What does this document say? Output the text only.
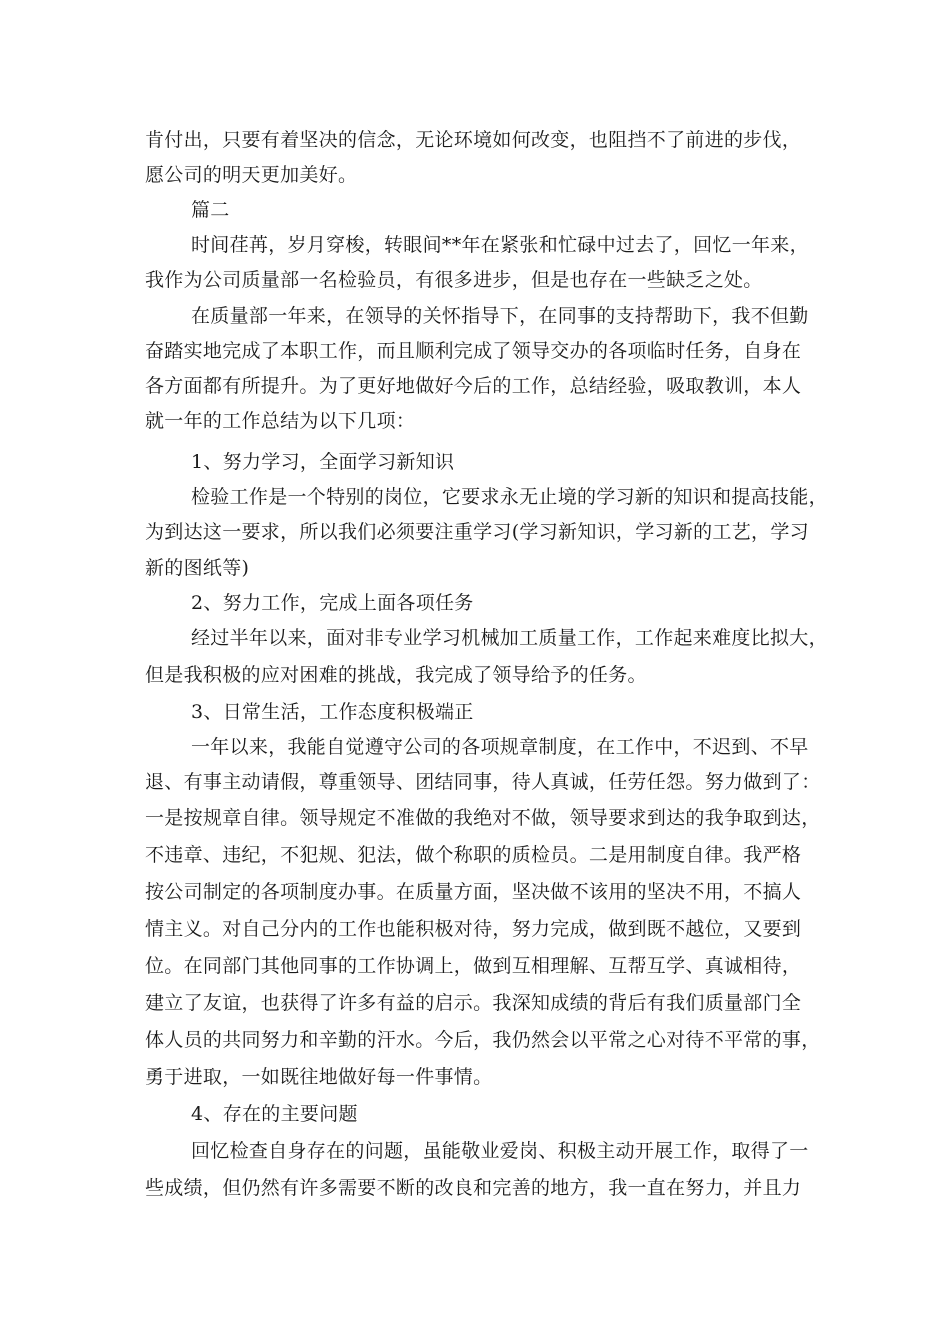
肯付出，只要有着坚决的信念，无论环境如何改变，也阻挡不了前进的步伐，
愿公司的明天更加美好。
篇二
时间荏苒，岁月穿梭，转眼间**年在紧张和忙碌中过去了，回忆一年来，
我作为公司质量部一名检验员，有很多进步，但是也存在一些缺乏之处。
在质量部一年来，在领导的关怀指导下，在同事的支持帮助下，我不但勤
奋踏实地完成了本职工作，而且顺利完成了领导交办的各项临时任务，自身在
各方面都有所提升。为了更好地做好今后的工作，总结经验，吸取教训，本人
就一年的工作总结为以下几项：
1、努力学习，全面学习新知识
检验工作是一个特别的岗位，它要求永无止境的学习新的知识和提高技能，
为到达这一要求，所以我们必须要注重学习(学习新知识，学习新的工艺，学习
新的图纸等)
2、努力工作，完成上面各项任务
经过半年以来，面对非专业学习机械加工质量工作，工作起来难度比拟大，
但是我积极的应对困难的挑战，我完成了领导给予的任务。
3、日常生活，工作态度积极端正
一年以来，我能自觉遵守公司的各项规章制度，在工作中，不迟到、不早
退、有事主动请假，尊重领导、团结同事，待人真诚，任劳任怨。努力做到了：
一是按规章自律。领导规定不准做的我绝对不做，领导要求到达的我争取到达，
不违章、违纪，不犯规、犯法，做个称职的质检员。二是用制度自律。我严格
按公司制定的各项制度办事。在质量方面，坚决做不该用的坚决不用，不搞人
情主义。对自己分内的工作也能积极对待，努力完成，做到既不越位，又要到
位。在同部门其他同事的工作协调上，做到互相理解、互帮互学、真诚相待，
建立了友谊，也获得了许多有益的启示。我深知成绩的背后有我们质量部门全
体人员的共同努力和辛勤的汗水。今后，我仍然会以平常之心对待不平常的事，
勇于进取，一如既往地做好每一件事情。
4、存在的主要问题
回忆检查自身存在的问题，虽能敬业爱岗、积极主动开展工作，取得了一
些成绩，但仍然有许多需要不断的改良和完善的地方，我一直在努力，并且力
